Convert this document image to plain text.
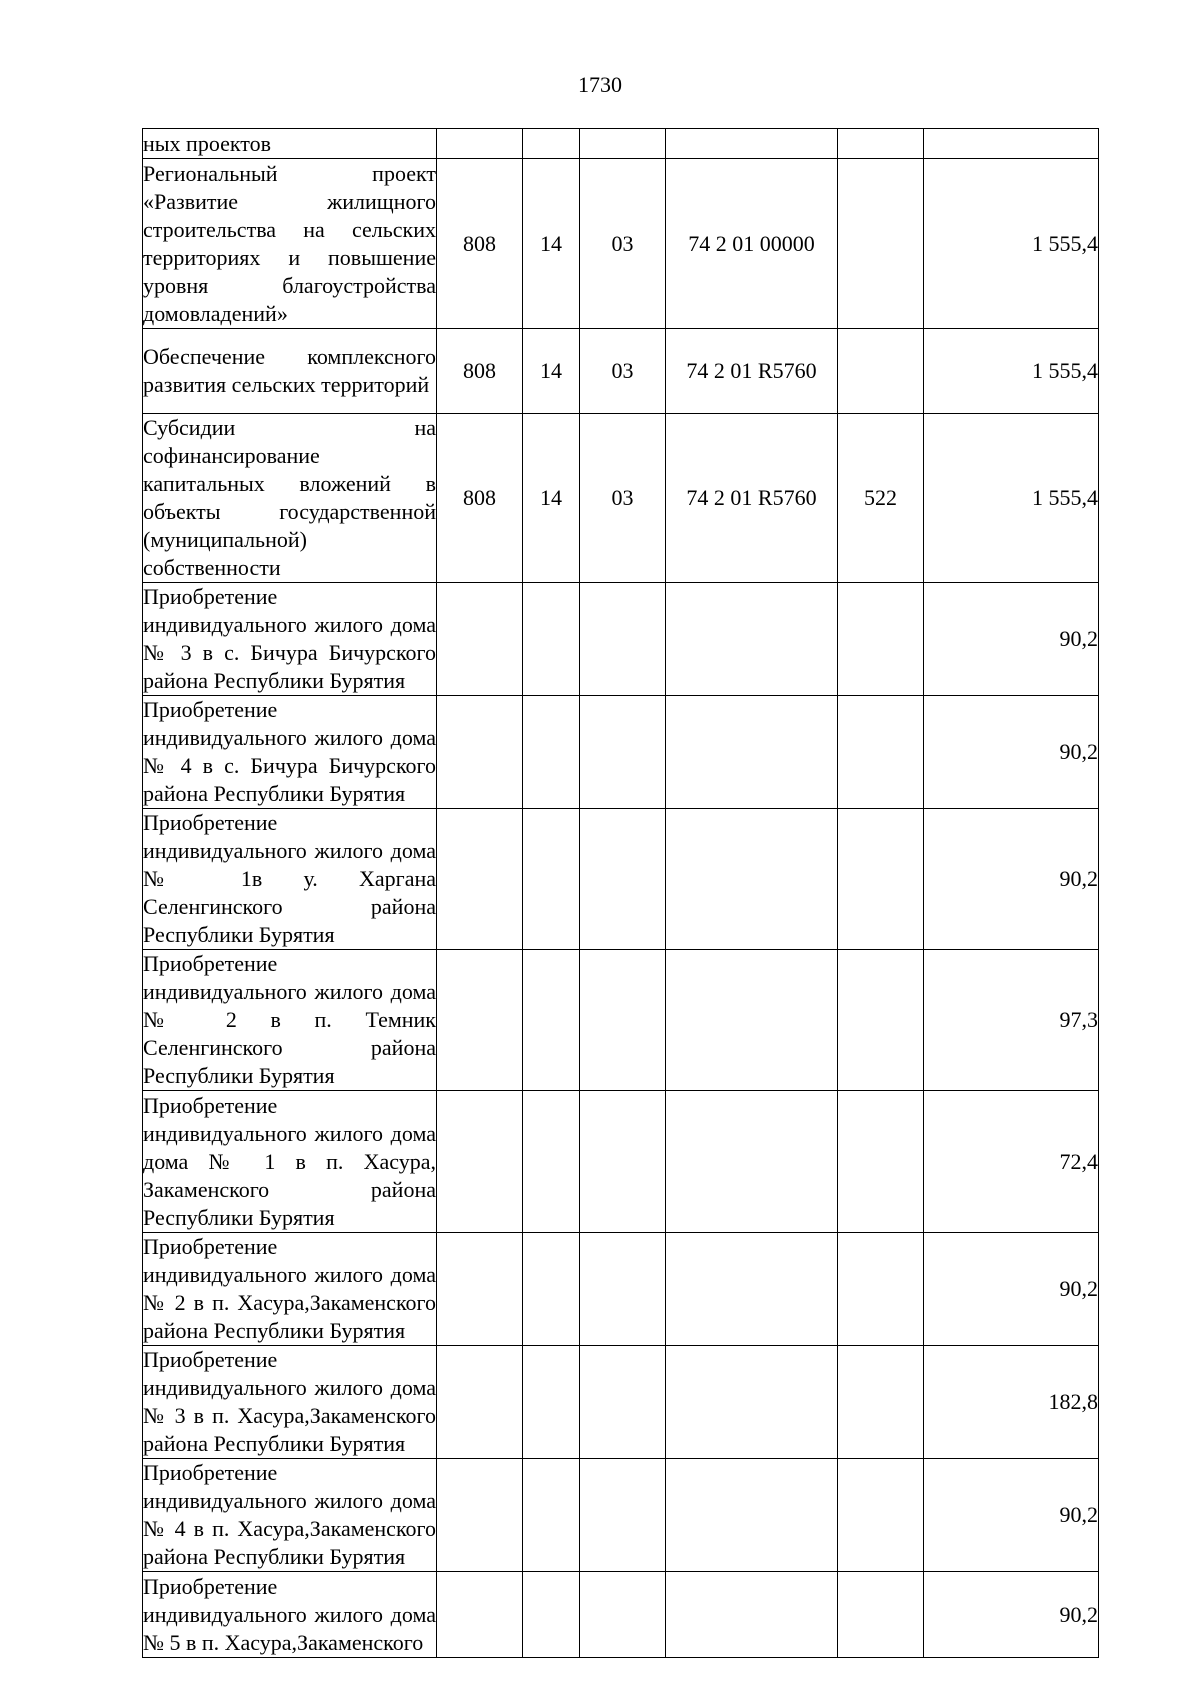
1730
ных проектов						
Региональный проект «Развитие жилищного строительства на сельских территориях и повышение уровня благоустройства домовладений»	808	14	03	74 2 01 00000		1 555,4
Обеспечение комплексного развития сельских территорий	808	14	03	74 2 01 R5760		1 555,4
Субсидии на софинансирование капитальных вложений в объекты государственной (муниципальной) собственности	808	14	03	74 2 01 R5760	522	1 555,4
Приобретение индивидуального жилого дома № 3 в с. Бичура Бичурского района Республики Бурятия						90,2
Приобретение индивидуального жилого дома № 4 в с. Бичура Бичурского района Республики Бурятия						90,2
Приобретение индивидуального жилого дома № 1в у. Харгана Селенгинского района Республики Бурятия						90,2
Приобретение индивидуального жилого дома № 2 в п. Темник Селенгинского района Республики Бурятия						97,3
Приобретение индивидуального жилого дома дома № 1 в п. Хасура, Закаменского района Республики Бурятия						72,4
Приобретение индивидуального жилого дома № 2 в п. Хасура,Закаменского района Республики Бурятия						90,2
Приобретение индивидуального жилого дома № 3 в п. Хасура,Закаменского района Республики Бурятия						182,8
Приобретение индивидуального жилого дома № 4 в п. Хасура,Закаменского района Республики Бурятия						90,2
Приобретение индивидуального жилого дома № 5 в п. Хасура,Закаменского						90,2
